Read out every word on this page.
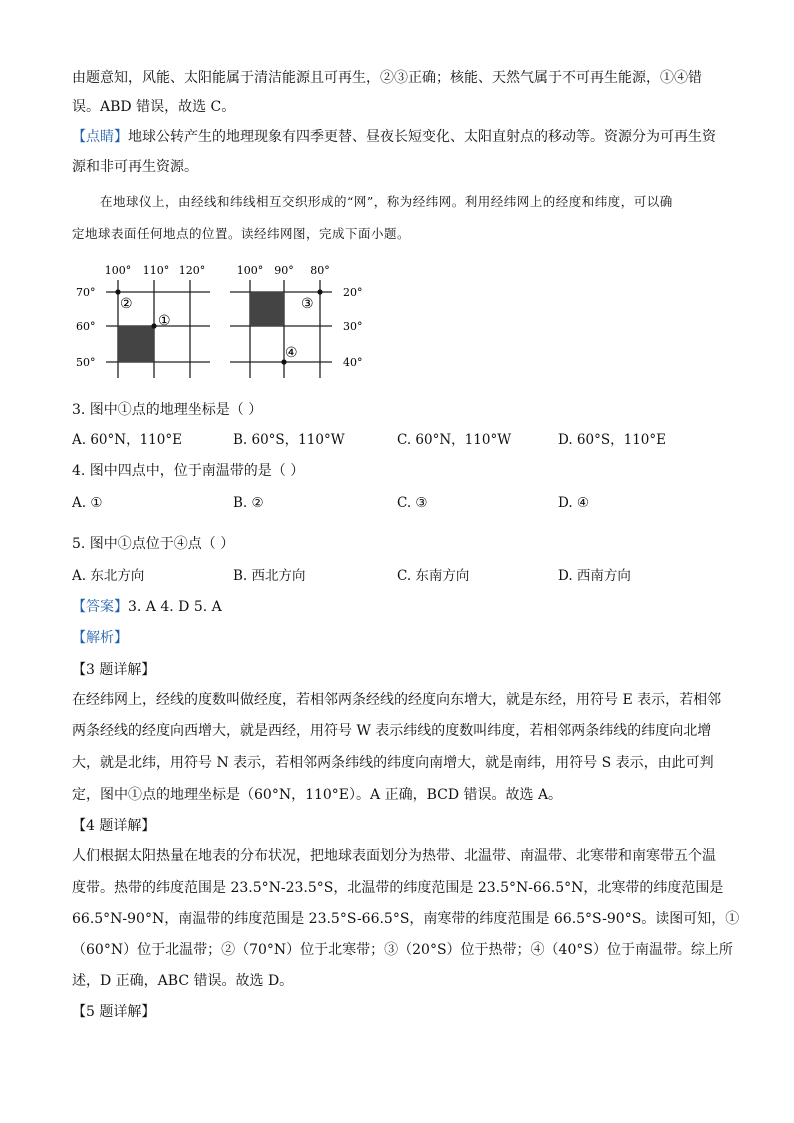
由题意知，风能、太阳能属于清洁能源且可再生，②③正确；核能、天然气属于不可再生能源，①④错
误。ABD 错误，故选 C。
【点睛】地球公转产生的地理现象有四季更替、昼夜长短变化、太阳直射点的移动等。资源分为可再生资
源和非可再生资源。
在地球仪上，由经线和纬线相互交织形成的“网”，称为经纬网。利用经纬网上的经度和纬度，可以确
定地球表面任何地点的位置。读经纬网图，完成下面小题。
100° 110° 120°
70°
60°
50°
②
①
100° 90° 80°
20°
30°
40°
③
④
3. 图中①点的地理坐标是（ ）
A. 60°N，110°E	B. 60°S，110°W	C. 60°N，110°W	D. 60°S，110°E
4. 图中四点中，位于南温带的是（ ）
A. ①	B. ②	C. ③	D. ④
5. 图中①点位于④点（ ）
A. 东北方向	B. 西北方向	C. 东南方向	D. 西南方向
【答案】3. A 4. D 5. A
【解析】
【3 题详解】
在经纬网上，经线的度数叫做经度，若相邻两条经线的经度向东增大，就是东经，用符号 E 表示，若相邻
两条经线的经度向西增大，就是西经，用符号 W 表示纬线的度数叫纬度，若相邻两条纬线的纬度向北增
大，就是北纬，用符号 N 表示，若相邻两条纬线的纬度向南增大，就是南纬，用符号 S 表示，由此可判
定，图中①点的地理坐标是（60°N，110°E）。A 正确，BCD 错误。故选 A。
【4 题详解】
人们根据太阳热量在地表的分布状况，把地球表面划分为热带、北温带、南温带、北寒带和南寒带五个温
度带。热带的纬度范围是 23.5°N-23.5°S，北温带的纬度范围是 23.5°N-66.5°N，北寒带的纬度范围是
66.5°N-90°N，南温带的纬度范围是 23.5°S-66.5°S，南寒带的纬度范围是 66.5°S-90°S。读图可知，①
（60°N）位于北温带；②（70°N）位于北寒带；③（20°S）位于热带；④（40°S）位于南温带。综上所
述，D 正确，ABC 错误。故选 D。
【5 题详解】
